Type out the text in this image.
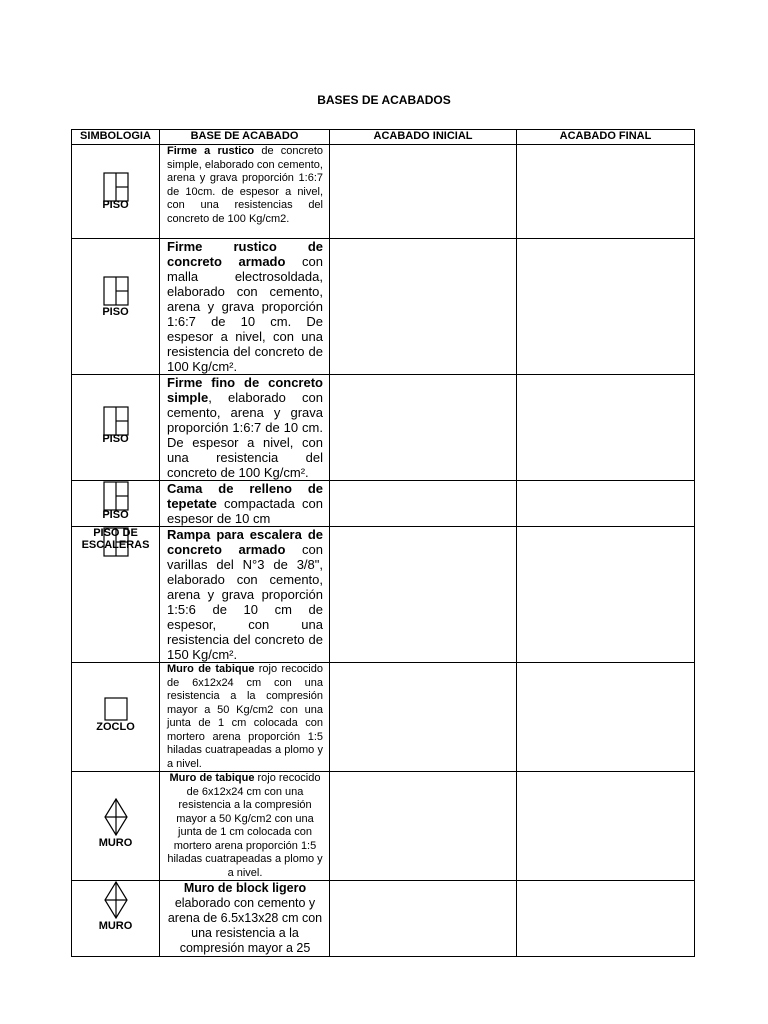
BASES DE ACABADOS
SIMBOLOGIA	BASE DE ACABADO	ACABADO INICIAL	ACABADO FINAL

PISO	Firme a rustico de concreto simple, elaborado con cemento, arena y grava proporción 1:6:7 de 10cm. de espesor a nivel, con una resistencias del concreto de 100 Kg/cm2.		

PISO	Firme rustico de concreto armado con malla electrosoldada, elaborado con cemento, arena y grava proporción 1:6:7 de 10 cm. De espesor a nivel, con una resistencia del concreto de 100 Kg/cm².		

PISO	Firme fino de concreto simple, elaborado con cemento, arena y grava proporción 1:6:7 de 10 cm. De espesor a nivel, con una resistencia del concreto de 100 Kg/cm².		

PISO	Cama de relleno de tepetate compactada con espesor de 10 cm		

PISO DE ESCALERAS	Rampa para escalera de concreto armado con varillas del N°3 de 3/8", elaborado con cemento, arena y grava proporción 1:5:6 de 10 cm de espesor, con una resistencia del concreto de 150 Kg/cm².		

ZOCLO	Muro de tabique rojo recocido de 6x12x24 cm con una resistencia a la compresión mayor a 50 Kg/cm2 con una junta de 1 cm colocada con mortero arena proporción 1:5 hiladas cuatrapeadas a plomo y a nivel.		

MURO	Muro de tabique rojo recocido de 6x12x24 cm con una resistencia a la compresión mayor a 50 Kg/cm2 con una junta de 1 cm colocada con mortero arena proporción 1:5 hiladas cuatrapeadas a plomo y a nivel.		

MURO	Muro de block ligero elaborado con cemento y arena de 6.5x13x28 cm con una resistencia a la compresión mayor a 25		
